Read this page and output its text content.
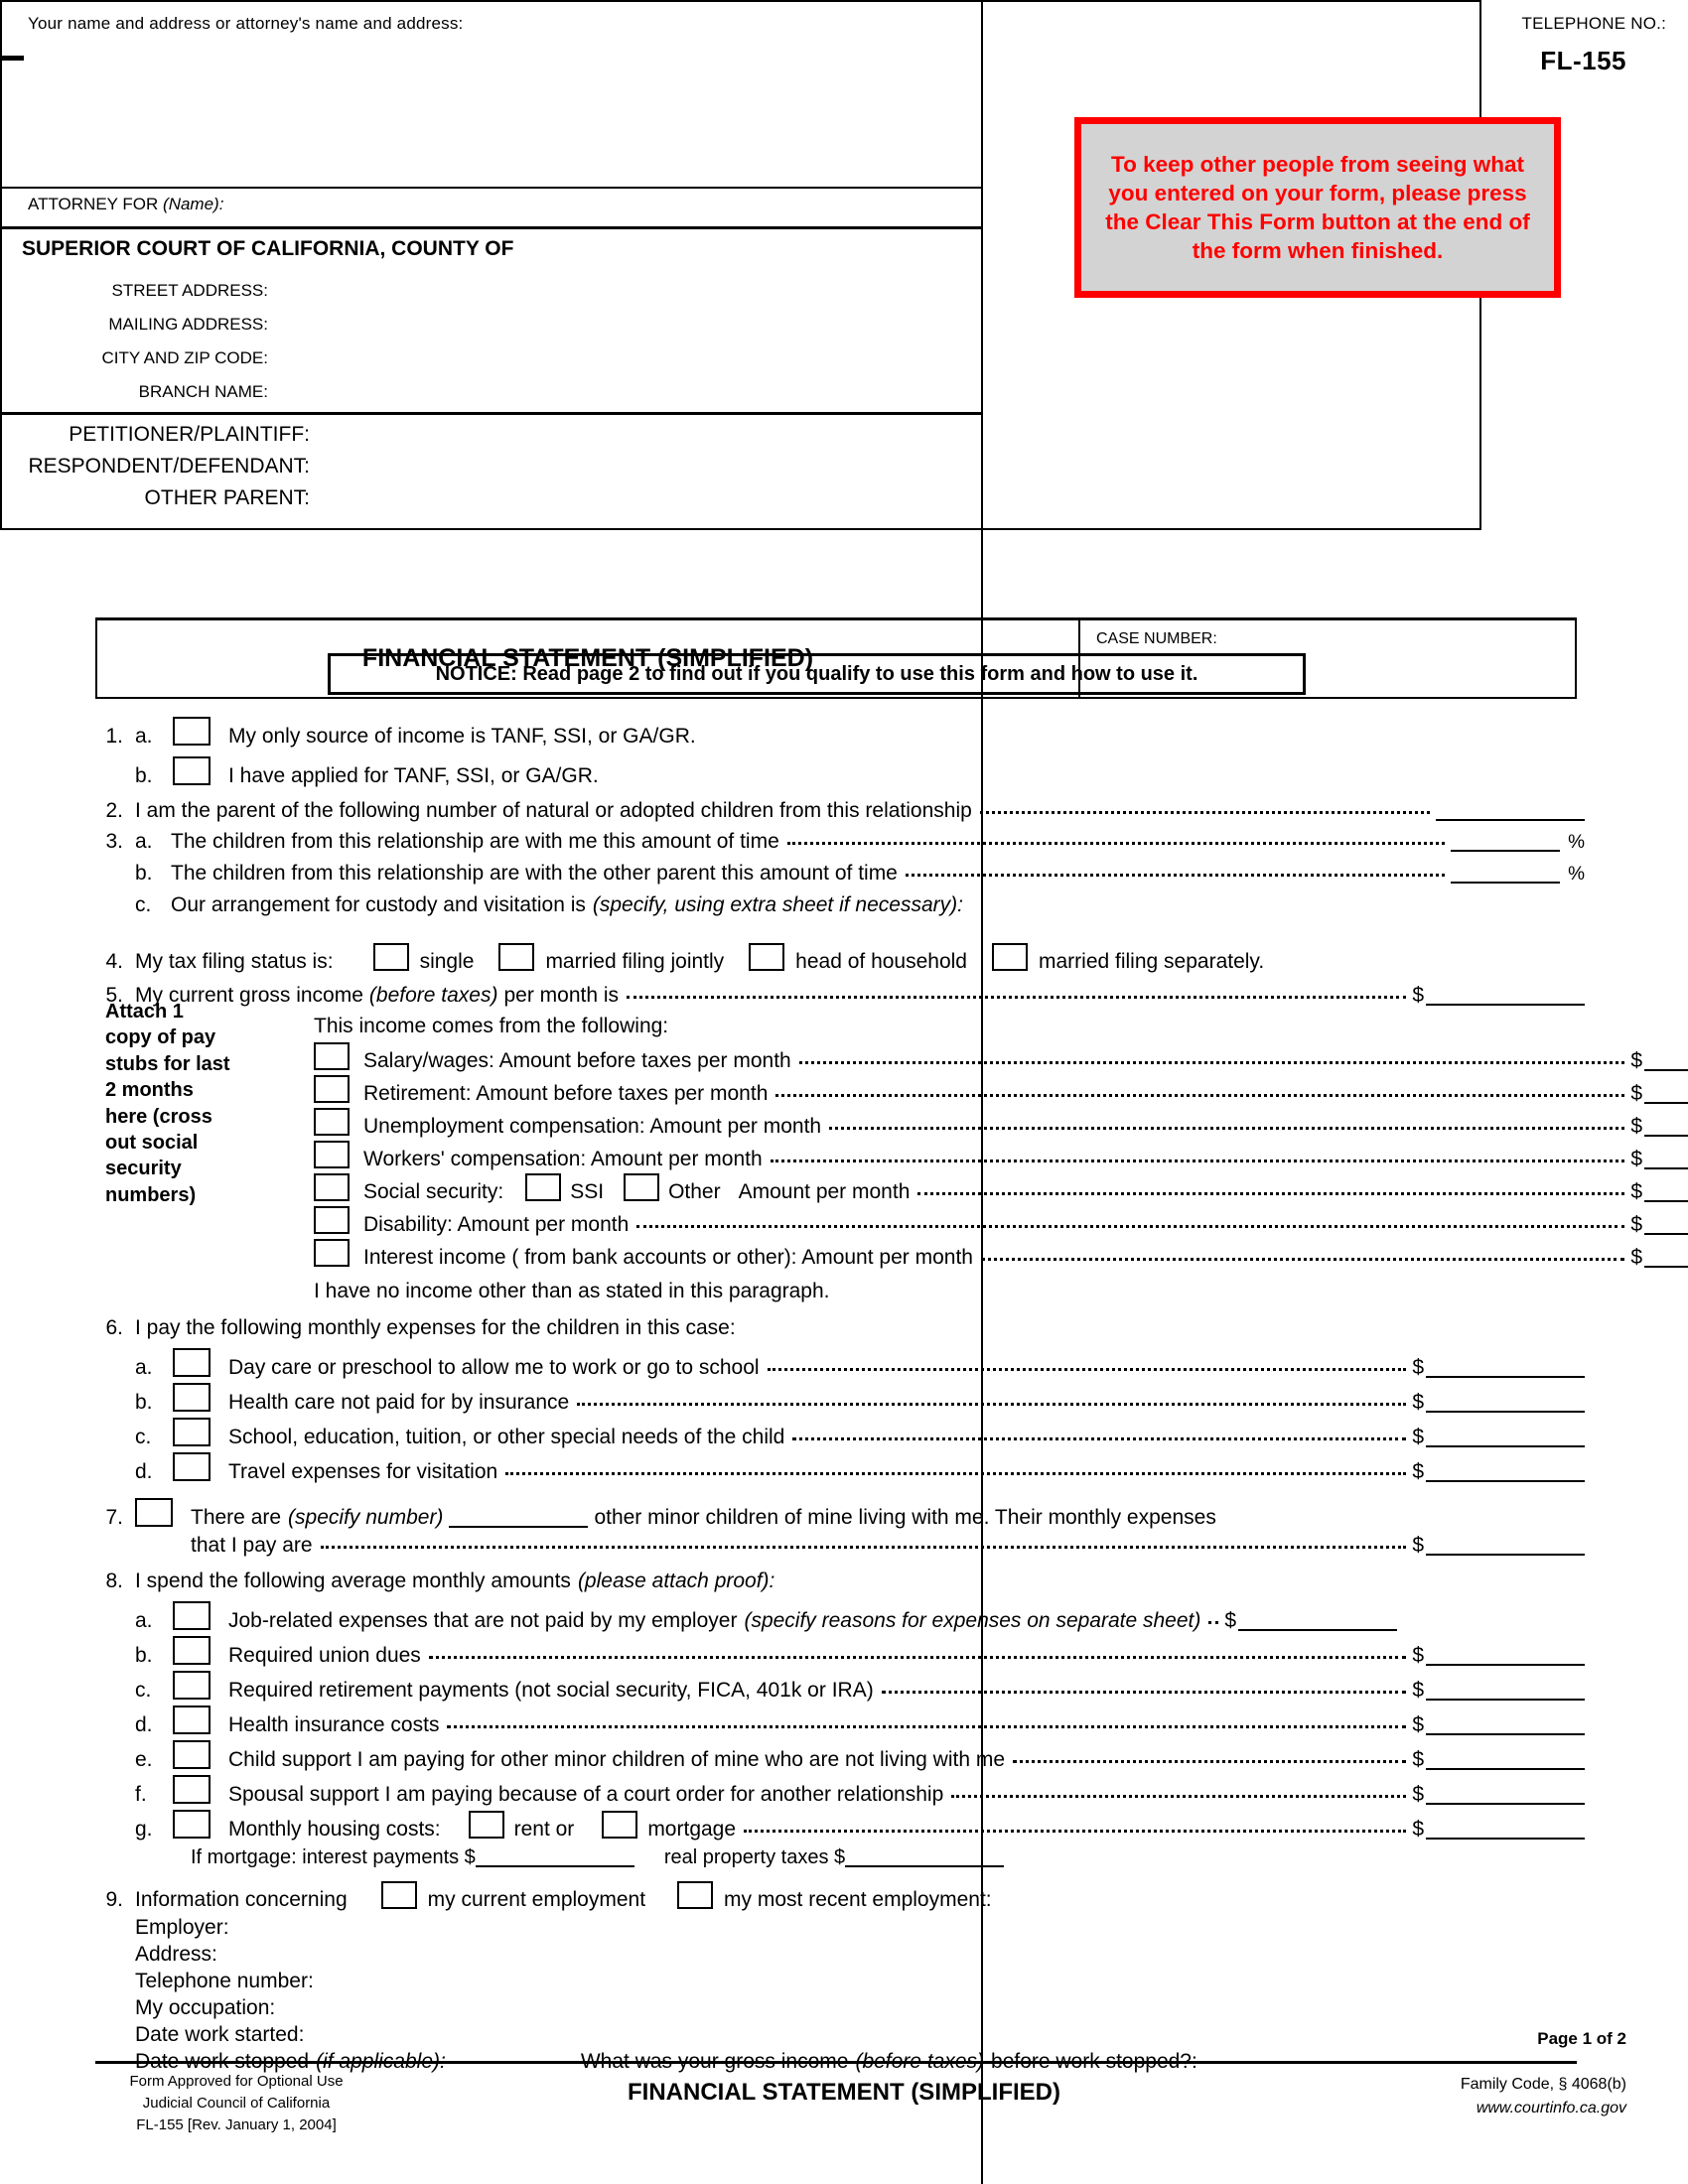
FL-155

To keep other people from seeing what you entered on your form, please press the Clear This Form button at the end of the form when finished.

Your name and address or attorney's name and address:
ATTORNEY FOR (Name):
SUPERIOR COURT OF CALIFORNIA, COUNTY OF
STREET ADDRESS:
MAILING ADDRESS:
CITY AND ZIP CODE:
BRANCH NAME:
PETITIONER/PLAINTIFF:
RESPONDENT/DEFENDANT:
OTHER PARENT:
TELEPHONE NO.:
FINANCIAL STATEMENT (SIMPLIFIED)
CASE NUMBER:
NOTICE: Read page 2 to find out if you qualify to use this form and how to use it.
1. a.	My only source of income is TANF, SSI, or GA/GR.
b.	I have applied for TANF, SSI, or GA/GR.
2. I am the parent of the following number of natural or adopted children from this relationship
3. a. The children from this relationship are with me this amount of time	%
b. The children from this relationship are with the other parent this amount of time	%
c. Our arrangement for custody and visitation is (specify, using extra sheet if necessary):
4. My tax filing status is:	single	married filing jointly	head of household	married filing separately.
5. My current gross income (before taxes) per month is	$
This income comes from the following:
Salary/wages: Amount before taxes per month	$
Retirement: Amount before taxes per month	$
Unemployment compensation: Amount per month	$
Workers' compensation: Amount per month	$
Social security:	SSI	Other Amount per month	$
Disability: Amount per month	$
Interest income ( from bank accounts or other): Amount per month	$
I have no income other than as stated in this paragraph.
6. I pay the following monthly expenses for the children in this case:
a.	Day care or preschool to allow me to work or go to school	$
b.	Health care not paid for by insurance	$
c.	School, education, tuition, or other special needs of the child	$
d.	Travel expenses for visitation	$
7.	There are (specify number)	other minor children of mine living with me. Their monthly expenses
that I pay are	$
8. I spend the following average monthly amounts (please attach proof):
a.	Job-related expenses that are not paid by my employer (specify reasons for expenses on separate sheet) $
b.	Required union dues	$
c.	Required retirement payments (not social security, FICA, 401k or IRA)	$
d.	Health insurance costs	$
e.	Child support I am paying for other minor children of mine who are not living with me	$
f.	Spousal support I am paying because of a court order for another relationship	$
g.	Monthly housing costs:	rent or	mortgage	$
If mortgage: interest payments $	real property taxes $
9. Information concerning	my current employment	my most recent employment:
Employer:
Address:
Telephone number:
My occupation:
Date work started:
Date work stopped (if applicable):	What was your gross income (before taxes) before work stopped?:
Attach 1 copy of pay stubs for last 2 months here (cross out social security numbers)
Page 1 of 2
Form Approved for Optional Use
Judicial Council of California
FL-155 [Rev. January 1, 2004]
FINANCIAL STATEMENT (SIMPLIFIED)	Family Code, § 4068(b)
www.courtinfo.ca.gov
